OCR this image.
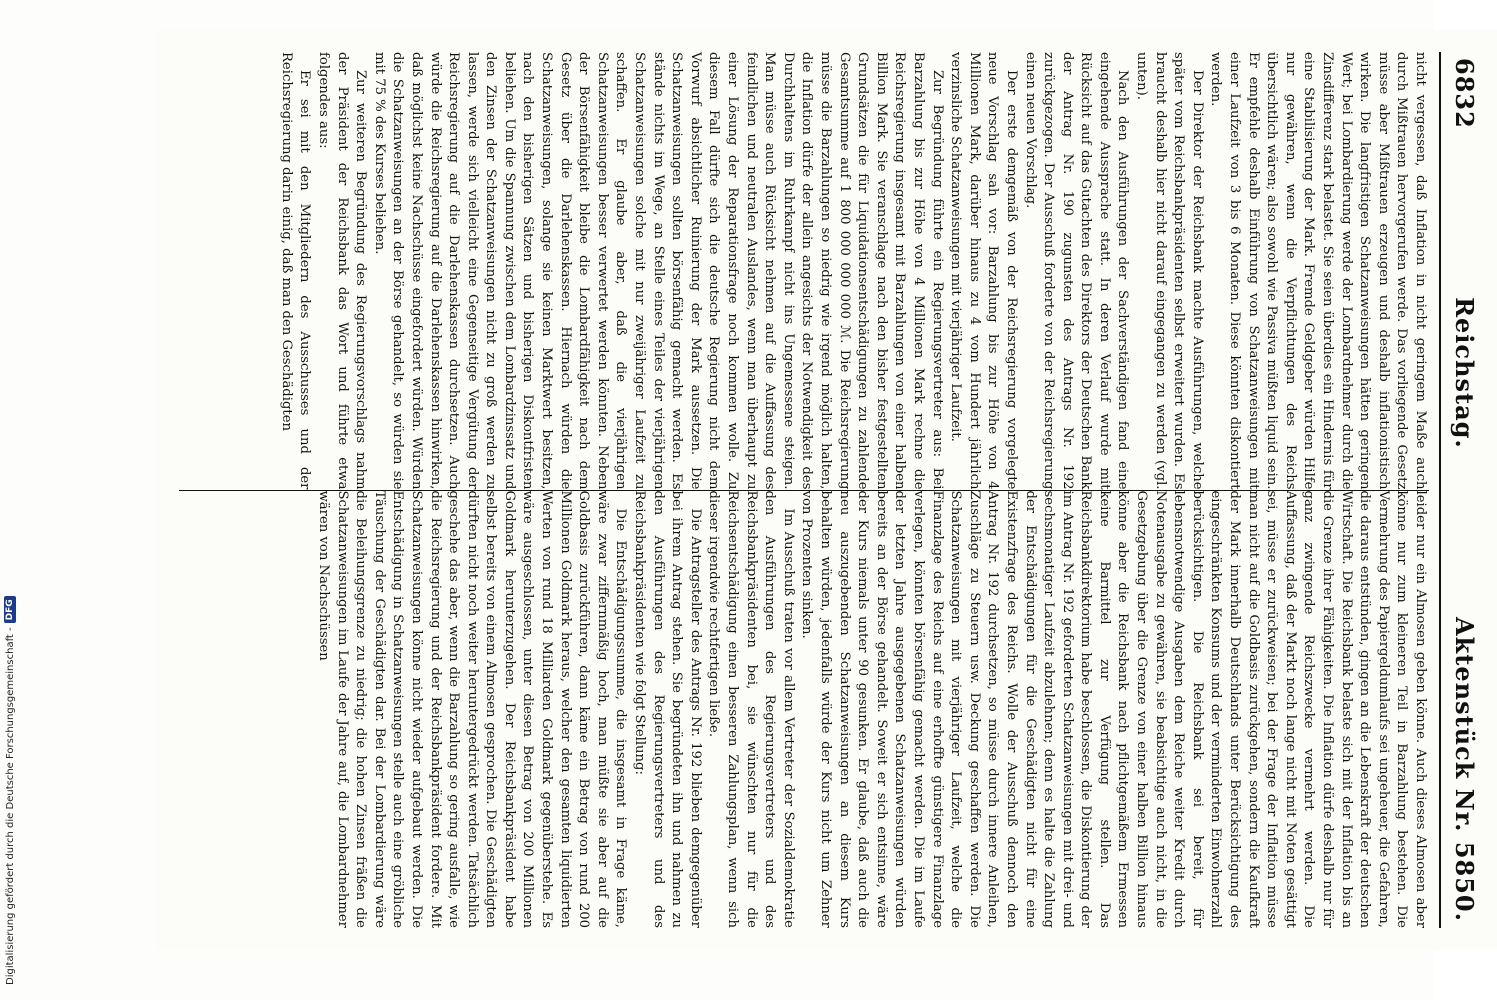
6832
Reichstag.
Aktenstück Nr. 5850.

nicht vergessen, daß Inflation in nicht geringem Maße auch durch Mißtrauen hervorgerufen werde. Das vorliegende Gesetz müsse aber Mißtrauen erzeugen und deshalb inflationistisch wirken. Die langfristigen Schatzanweisungen hätten geringen Wert; bei Lombardierung werde der Lombardnehmer durch die Zinsdifferenz stark belastet. Sie seien überdies ein Hindernis für eine Stabilisierung der Mark. Fremde Geldgeber würden Hilfe nur gewähren, wenn die Verpflichtungen des Reichs übersichtlich wären; also sowohl wie Passiva müßten liquid sein. Er empfehle deshalb Einführung von Schatzanweisungen mit einer Laufzeit von 3 bis 6 Monaten. Diese könnten diskontiert werden.

Der Direktor der Reichsbank machte Ausführungen, welche später vom Reichsbankpräsidenten selbst erweitert wurden. Es braucht deshalb hier nicht darauf eingegangen zu werden (vgl. unten).

Nach den Ausführungen der Sachverständigen fand eine eingehende Aussprache statt. In deren Verlauf wurde mit Rücksicht auf das Gutachten des Direktors der Deutschen Bank der Antrag Nr. 190 zugunsten des Antrags Nr. 192 zurückgezogen. Der Ausschuß forderte von der Reichsregierung einen neuen Vorschlag.

Der erste demgemäß von der Reichsregierung vorgelegte neue Vorschlag sah vor: Barzahlung bis zur Höhe von 4 Millionen Mark, darüber hinaus zu 4 vom Hundert jährlich verzinsliche Schatzanweisungen mit vierjähriger Laufzeit.

Zur Begründung führte ein Regierungsvertreter aus: Bei Barzahlung bis zur Höhe von 4 Millionen Mark rechne die Reichsregierung insgesamt mit Barzahlungen von einer halben Billion Mark. Sie veranschlage nach den bisher festgestellten Grundsätzen die für Liquidationsentschädigungen zu zahlende Gesamtsumme auf 1 800 000 000 000 ℳ. Die Reichsregierung müsse die Barzahlungen so niedrig wie irgend möglich halten, die Inflation dürfe der allein angesichts der Notwendigkeit des Durchhaltens im Ruhrkampf nicht ins Ungemessene steigen. Man müsse auch Rücksicht nehmen auf die Auffassung des feindlichen und neutralen Auslandes, wenn man überhaupt zu einer Lösung der Reparationsfrage noch kommen wolle. Zu diesem Fall dürfte sich die deutsche Regierung nicht dem Vorwurf absichtlicher Ruinierung der Mark aussetzen. Die Schatzanweisungen sollten börsenfähig gemacht werden. Es stände nichts im Wege, an Stelle eines Teiles der vierjährigen Schatzanweisungen solche mit nur zweijähriger Laufzeit zu schaffen. Er glaube aber, daß die vierjährigen Schatzanweisungen besser verwertet werden könnten. Neben der Börsenfähigkeit bleibe die Lombardfähigkeit nach dem Gesetz über die Darlehenskassen. Hiernach würden die Schatzanweisungen, solange sie keinen Marktwert besitzen, nach den bisherigen Sätzen und bisherigen Diskontfristen beliehen. Um die Spannung zwischen dem Lombardzinssatz und den Zinsen der Schatzanweisungen nicht zu groß werden zu lassen, werde sich vielleicht eine Gegenseitige Vergütung der Reichsregierung auf die Darlehenskassen durchsetzen. Auch würde die Reichsregierung auf die Darlehenskassen hinwirken, daß möglichst keine Nachschüsse eingefordert würden. Würden die Schatzanweisungen an der Börse gehandelt, so würden sie mit 75 % des Kurses beliehen.

Zur weiteren Begründung des Regierungsvorschlags nahm der Präsident der Reichsbank das Wort und führte etwa folgendes aus:

Er sei mit den Mitgliedern des Ausschusses und der Reichsregierung darin einig, daß man den Geschädigten

leider nur ein Almosen geben könne. Auch dieses Almosen aber könne nur zum kleineren Teil in Barzahlung bestehen. Die Vermehrung des Papiergeldumlaufs sei ungeheuer, die Gefahren, die daraus entstünden, gingen an die Lebenskraft der deutschen Wirtschaft. Die Reichsbank belaste sich mit der Inflation bis an die Grenze ihrer Fähigkeiten. Die Inflation dürfe deshalb nur für ganz zwingende Reichszwecke vermehrt werden. Die Auffassung, daß der Markt noch lange nicht mit Noten gesättigt sei, müsse er zurückweisen; bei der Frage der Inflation müsse man nicht auf die Goldbasis zurückgehen, sondern die Kaufkraft der Mark innerhalb Deutschlands unter Berücksichtigung des eingeschränkten Konsums und der verminderten Einwohnerzahl berücksichtigen. Die Reichsbank sei bereit, für lebensnotwendige Ausgaben dem Reiche weiter Kredit durch Notenausgabe zu gewähren, sie beabsichtige auch nicht, in die Gesetzgebung über die Grenze von einer halben Billion hinaus könne aber die Reichsbank nach pflichtgemäßem Ermessen keine Barmittel zur Verfügung stellen. Das Reichsbankdirektorium habe beschlossen, die Diskontierung der im Antrag Nr. 192 geforderten Schatzanweisungen mit drei- und sechsmonatiger Laufzeit abzulehnen; denn es halte die Zahlung der Entschädigungen für die Geschädigten nicht für eine Existenzfrage des Reichs. Wolle der Ausschuß dennoch den Antrag Nr. 192 durchsetzen, so müsse durch innere Anleihen, Zuschläge zu Steuern usw. Deckung geschaffen werden. Die Schatzanweisungen mit vierjähriger Laufzeit, welche die Finanzlage des Reichs auf eine erhoffte günstigere Finanzlage verlegen, könnten börsenfähig gemacht werden. Die im Laufe der letzten Jahre ausgegebenen Schatzanweisungen würden bereits an der Börse gehandelt. Soweit er sich entsinne, wäre der Kurs niemals unter 90 gesunken. Er glaube, daß auch die neu auszugebenden Schatzanweisungen an diesem Kurs behalten würden, jedenfalls würde der Kurs nicht um Zehner von Prozenten sinken.

Im Ausschuß traten vor allem Vertreter der Sozialdemokratie den Ausführungen des Regierungsvertreters und des Reichsbankpräsidenten bei, sie wünschten nur für die Reichsentschädigung einen besseren Zahlungsplan, wenn sich dieser irgendwie rechtfertigen ließe.

Die Antragsteller des Antrags Nr. 192 blieben demgegenüber bei ihrem Antrag stehen. Sie begründeten ihn und nahmen zu den Ausführungen des Regierungsvertreters und des Reichsbankpräsidenten wie folgt Stellung:

Die Entschädigungssumme, die insgesamt in Frage käme, wäre zwar ziffernmäßig hoch, man müßte sie aber auf die Goldbasis zurückführen, dann käme ein Betrag von rund 200 Millionen Goldmark heraus, welcher den gesamten liquidierten Werten von rund 18 Milliarden Goldmark gegenüberstehe. Es wäre ausgeschlossen, unter diesen Betrag von 200 Millionen Goldmark herunterzugehen. Der Reichsbankpräsident habe selbst bereits von einem Almosen gesprochen. Die Geschädigten dürften nicht noch weiter heruntergedrückt werden. Tatsächlich geschehe das aber, wenn die Barzahlung so gering ausfalle, wie die Reichsregierung und der Reichsbankpräsident fordere. Mit Schatzanweisungen könne nicht wieder aufgebaut werden. Die Entschädigung in Schatzanweisungen stelle auch eine gröbliche Täuschung der Geschädigten dar. Bei der Lombardierung wäre die Beleihungsgrenze zu niedrig; die hohen Zinsen fräßen die Schatzanweisungen im Laufe der Jahre auf, die Lombardnehmer wären von Nachschüssen

Digitalisierung gefördert durch die Deutsche Forschungsgemeinschaft -
DFG
